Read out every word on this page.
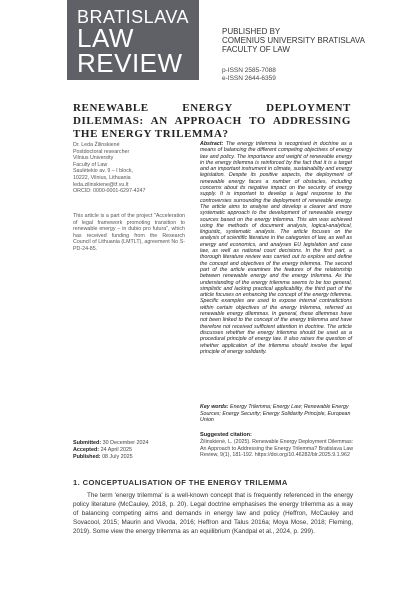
BRATISLAVA
LAW
REVIEW
PUBLISHED BY
COMENIUS UNIVERSITY BRATISLAVA
FACULTY OF LAW
p-ISSN 2585-7088
e-ISSN 2644-6359
RENEWABLE ENERGY DEPLOYMENT DILEMMAS: AN APPROACH TO ADDRESSING THE ENERGY TRILEMMA?
Dr. Leda Žilinskienė
Postdoctoral researcher
Vilnius University
Faculty of Law
Saulėtekio av. 9 – I block,
10222, Vilnius, Lithuania
leda.zilinskiene@tf.vu.lt
ORCID: 0000-0001-6297-4247

This article is a part of the project "Acceleration of legal framework promoting transition to renewable energy – in dubio pro futura", which has received funding from the Research Council of Lithuania (LMTLT), agreement No S-PD-24-85.

Abstract: The energy trilemma is recognised in doctrine as a means of balancing the different competing objectives of energy law and policy. The importance and weight of renewable energy in the energy trilemma is reinforced by the fact that it is a target and an important instrument in climate, sustainability and energy legislation. Despite its positive aspects, the deployment of renewable energy faces a number of obstacles, including concerns about its negative impact on the security of energy supply. It is important to develop a legal response to the controversies surrounding the deployment of renewable energy. The article aims to analyse and develop a clearer and more systematic approach to the development of renewable energy sources based on the energy trilemma. This aim was achieved using the methods of document analysis, logical-analytical, linguistic, systematic analysis. The article focuses on the analysis of scientific literature in the categories of law, as well as energy and economics, and analyses EU legislation and case law, as well as national court decisions. In the first part, a thorough literature review was carried out to explore and define the concept and objectives of the energy trilemma. The second part of the article examines the features of the relationship between renewable energy and the energy trilemma. As the understanding of the energy trilemma seems to be too general, simplistic and lacking practical applicability, the third part of the article focuses on enhancing the concept of the energy trilemma. Specific examples are used to expose internal contradictions within certain objectives of the energy trilemma, referred as renewable energy dilemmas. In general, these dilemmas have not been linked to the concept of the energy trilemma and have therefore not received sufficient attention in doctrine. The article discusses whether the energy trilemma should be used as a procedural principle of energy law. It also raises the question of whether application of the trilemma should involve the legal principle of energy solidarity.

Key words: Energy Trilemma; Energy Law; Renewable Energy Sources; Energy Security; Energy Solidarity Principle, European Union

Suggested citation:

Žilinskienė, L. (2025). Renewable Energy Deployment Dilemmas: An Approach to Addressing the Energy Trilemma? Bratislava Law Review, 9(1), 181-192. https://doi.org/10.46282/blr.2025.9.1.962

Submitted: 30 December 2024
Accepted: 24 April 2025
Published: 08 July 2025
1. CONCEPTUALISATION OF THE ENERGY TRILEMMA

The term 'energy trilemma' is a well-known concept that is frequently referenced in the energy policy literature (McCauley, 2018, p. 20). Legal doctrine emphasises the energy trilemma as a way of balancing competing aims and demands in energy law and policy (Heffron, McCauley and Sovacool, 2015; Maurin and Vivoda, 2016; Heffron and Talus 2016a; Moya Mose, 2018; Fleming, 2019). Some view the energy trilemma as an equilibrium (Kandpal et al., 2024, p. 299).
